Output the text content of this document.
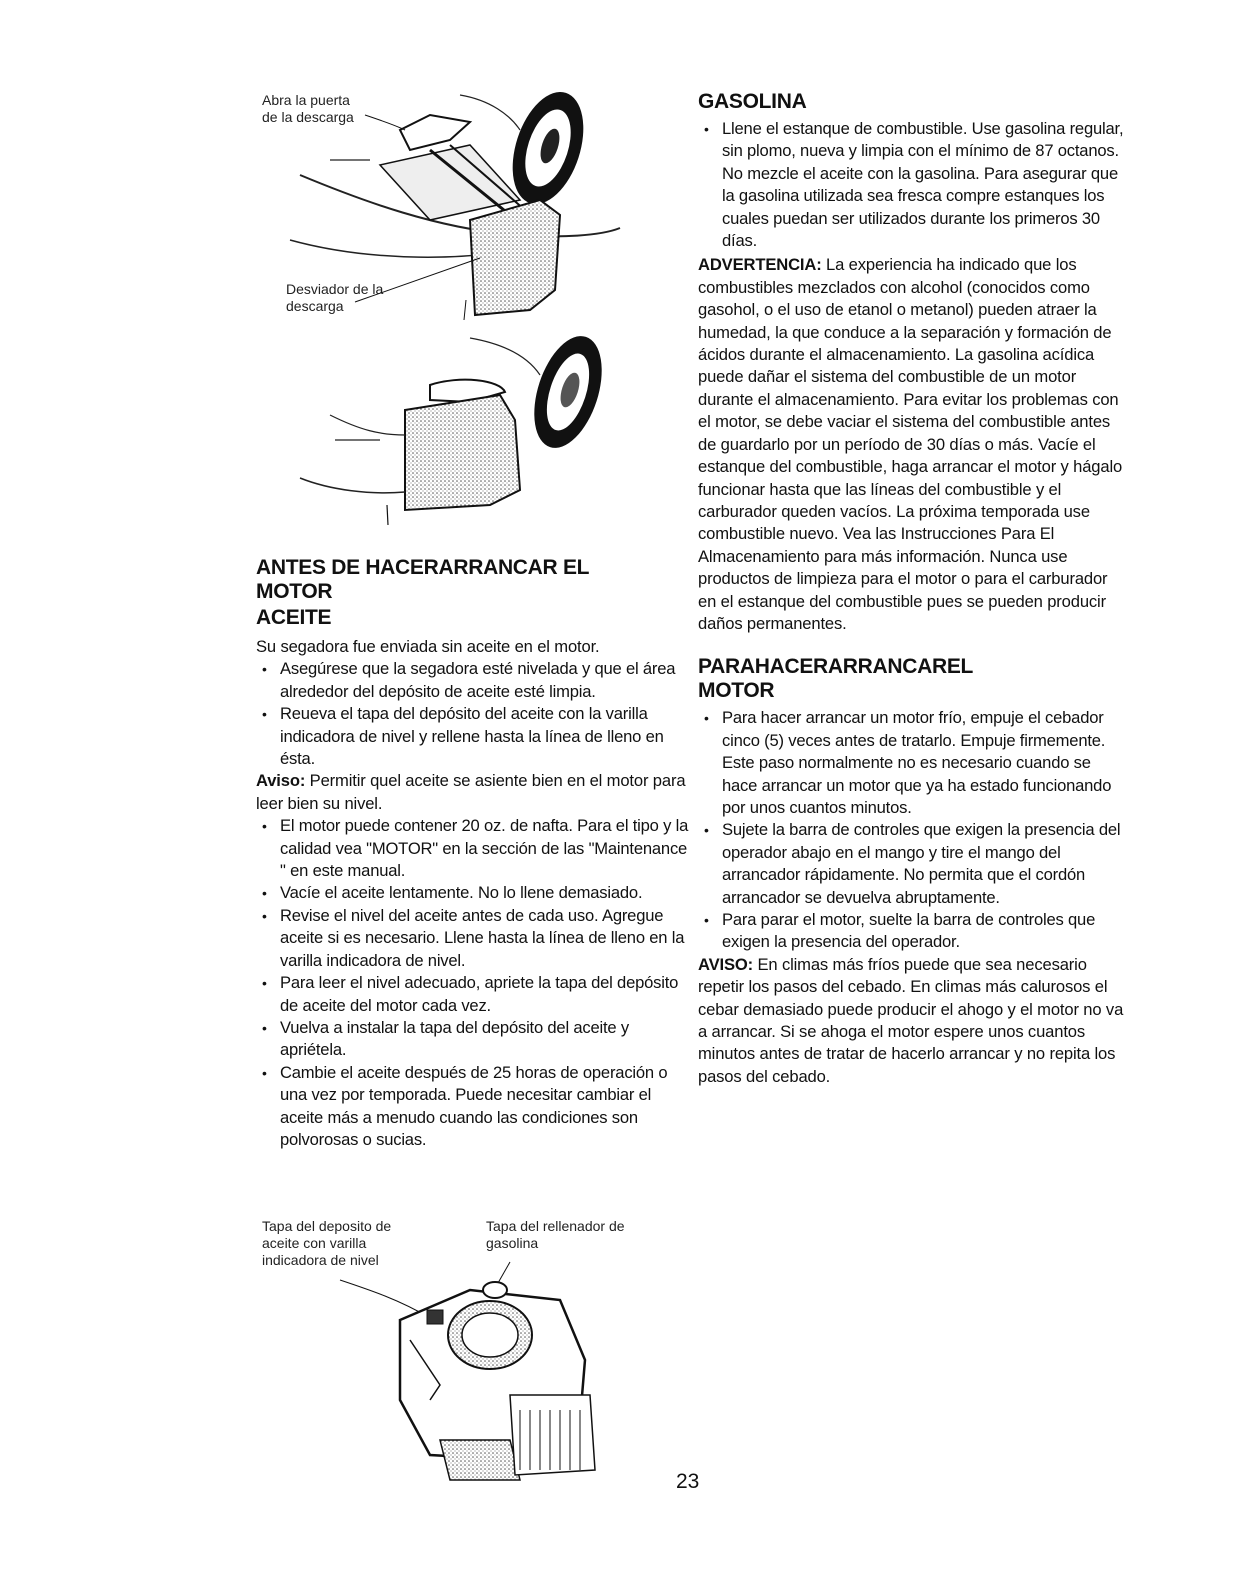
Abra la puerta
de la descarga
Desviador de la
descarga
ANTES DE HACERARRANCAR EL MOTOR
ACEITE

Su segadora fue enviada sin aceite en el motor.

• Asegúrese que la segadora esté nivelada y que el área alrededor del depósito de aceite esté limpia.
• Reueva el tapa del depósito del aceite con la varilla indicadora de nivel y rellene hasta la línea de lleno en ésta.

Aviso: Permitir quel aceite se asiente bien en el motor para leer bien su nivel.

• El motor puede contener 20 oz. de nafta. Para el tipo y la calidad vea "MOTOR" en la sección de las "Maintenance " en este manual.
• Vacíe el aceite lentamente. No lo llene demasiado.
• Revise el nivel del aceite antes de cada uso. Agregue aceite si es necesario. Llene hasta la línea de lleno en la varilla indicadora de nivel.
• Para leer el nivel adecuado, apriete la tapa del depósito de aceite del motor cada vez.
• Vuelva a instalar la tapa del depósito del aceite y apriétela.
• Cambie el aceite después de 25 horas de operación o una vez por temporada. Puede necesitar cambiar el aceite más a menudo cuando las condiciones son polvorosas o sucias.
Tapa del deposito de
aceite con varilla
indicadora de nivel
Tapa del rellenador de
gasolina
GASOLINA
• Llene el estanque de combustible. Use gasolina regular, sin plomo, nueva y limpia con el mínimo de 87 octanos. No mezcle el aceite con la gasolina. Para asegurar que la gasolina utilizada sea fresca compre estanques los cuales puedan ser utilizados durante los primeros 30 días.

ADVERTENCIA: La experiencia ha indicado que los combustibles mezclados con alcohol (conocidos como gasohol, o el uso de etanol o metanol) pueden atraer la humedad, la que conduce a la separación y formación de ácidos durante el almacenamiento. La gasolina acídica puede dañar el sistema del combustible de un motor durante el almacenamiento. Para evitar los problemas con el motor, se debe vaciar el sistema del combustible antes de guardarlo por un período de 30 días o más. Vacíe el estanque del combustible, haga arrancar el motor y hágalo funcionar hasta que las líneas del combustible y el carburador queden vacíos. La próxima temporada use combustible nuevo. Vea las Instrucciones Para El Almacenamiento para más información. Nunca use productos de limpieza para el motor o para el carburador en el estanque del combustible pues se pueden producir daños permanentes.

PARAHACERARRANCAREL MOTOR
• Para hacer arrancar un motor frío, empuje el cebador cinco (5) veces antes de tratarlo. Empuje firmemente. Este paso normalmente no es necesario cuando se hace arrancar un motor que ya ha estado funcionando por unos cuantos minutos.
• Sujete la barra de controles que exigen la presencia del operador abajo en el mango y tire el mango del arrancador rápidamente. No permita que el cordón arrancador se devuelva abruptamente.
• Para parar el motor, suelte la barra de controles que exigen la presencia del operador.

AVISO: En climas más fríos puede que sea necesario repetir los pasos del cebado. En climas más calurosos el cebar demasiado puede producir el ahogo y el motor no va a arrancar. Si se ahoga el motor espere unos cuantos minutos antes de tratar de hacerlo arrancar y no repita los pasos del cebado.

23
